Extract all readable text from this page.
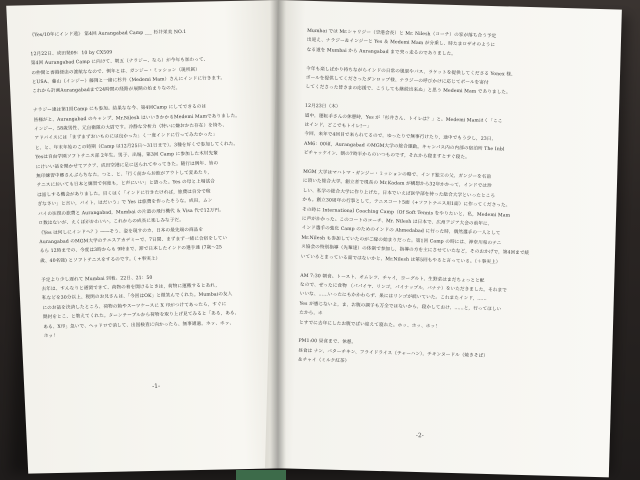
《Yes/10年にインド遠》 第4回 Aurangabad Camp ___ 杉井栄美 NO.1
12月22日、成田発09：10 by CX509
第4回 Aurangabad Camp に向けて、朝五（ナラジー、なら）が今年も加わって、
の仲間と香港経由の渡航ななので、例年とは、ガンジー・ミッション（現所属）
とUSA、藤山（インジー）藤岡と一緒に杉井（Medemi Mam）さんにインドに行きます。
これから計画Aurangabadまで24時間の経路が展開の始まりなのだ。
ナラジー達は第1回Camp にも参加。結果なな今、第4回Camp にしてできるのは
皆様がと、Aurangabad のキャンプ、Mr.Nilesh はいいきかかるMedemi Mamでありました。
インジー、58歳男性、元自衛隊の大尉です。冷静な分析力（特いに嫌おかた存在）を持ち、
アドバイスには「まずまずおいものには良かった」く一度インドに行ってみたかった」
と、と、年末年始のこの時期（Camp は12月25日～31日まで）。3種を好くで参加してくれた。
Yesは自由学園ソフトテニス部 2年生。男子、出場。第3回 Camp に参加した木村先輩
にけいい話を聞かせてアクア、成田空港に足に送られてやってきた。随行は例年、皆の
無印練習中郷さんぷらちなた，つと、と、「行く前からお飲がアウトして変あたり，
テニスにおいても日本と練習で何度も，と声にいい」と語った。Yes の母と上場試合
は話しする機会がありました。目くはく「インドに行きたければ，旅費は自分で稼
ぎなさい」と言い，バイト，はだいう」で Yes は旅費を作ったそうな。成田，ムン
バイの往復の旅費と Aurangabad，Mumbai の片道の飛行機代 ＆ Visa 代で12万円。
ロ数はないが、えくぼがかわいい。これからの成長に楽しみな子だ。
《Yes は何しにインドへ？》――そう、姿を現すのカ、日本の最先端の商品を
Aurangabad のMGM大学のテニスアカデミーで、7日間、まずまず一緒に合宿をしてい
るら 12時までの、今度は3時からも 9時まで、滞で日本したインドの選手達 (7歳～25
歳、40名強) とソフトテニスをするのです。（ +事実上）
予定より少し遅れて Mumbai 到着。22日、21：50
去年は、すんなりと通関できて、荷物の着を開けるときは，荷物に運搬するとあれ，
私などを30分以上、税関のお兄さんは、「今回はOK」と微笑んでくれた。Mumbaiの友人
にのお話を決済したところ、荷物の箱やスーツケースに X 印がつけてあったら，すぐに
開封をとこ、と教えてくれた。ターンテーブルから荷物を取り上げ見てみると「ある，ある，
ある、X印」急いで、ヘッドロで消して、出国検査に向かったら、無事通過。ホッ、ホッ、
ホッ！
-1-
Mumbai では Mr.シャリジー（空港会長）と Mr. Nilesh（コーチ）の家が落ち合う予定
出迎え、ナラジー＆インジーと Yes ＆ Medemi Mam が分乗し、時たまロザオのように
なる道を Mumbai から Aurangabad まで突っ走るのでありました。
今年も楽しばかり持ちながらインドの日常の風景やバス、ラケットを提供してくださる Yonex 様、
ボールを提供してくださったダンロップ様、ナラジーの呼びかけに応じてボールを寄付
してくださった皆さまの応援で、こうしても継続出来ぬ」と思う Medemi Mam でありました。
12月23日（木）
道中，運転手さんの休憩時，Yes が「杉井さん、トイレは？」と。Medemi Mamはく「ここ
はインド，どこでもトイレ!ー」
今回，来年で4回目で来られてるので，ゆったりで無事行けたり，途中でもう少し，23日，
AM6：00頃，Aurangabad のMGM大学の総合運動。キャンパス内の内部の宿泊所 The Inbl
ビチャッケイン、朝の7時半からのいつものです，それから寝ますとすぐ寝た。
MGM 大学はマハトマ・ガンジー・ミッションの略で、インド独立の父，ガンジーを名前
に頂いた総合大学。創立者で現長の Mr.Kadam が構想から32年かかって，インドでは珍
しい、私学の総合大学に作り上げた。日本でいえば医学部を持った総合大学といったところ
かも。創立30周年の行事として，テニスコート5面（+ソフトテニス用1面）に作ってくださった。
その時に International Coaching Camp（Of Soft Tennis をやりたいと，私，Medemi Mam
に声がかかった。このコートのコーチ、Mr. Nilesh は日本で、広州アジア大会の前年に、
インド選手の強化 Camp のためのインドの Ahmedabad に行った時，偶然選手の一人として
Mr.Nilesh も参加していたのがご縁の始まりだった。第1回 Camp の時には、神奈川県のテニ
ス協会の特別指導（先輩達）の体制で参加し，指導の方を主にさせていたなど，そのおかげで，第4回まで続
いているとまっている面ではないかと，Mr.Nilesh は第5回もやると言っている。（＋事実上）
AM 7:30 朝食。トースト、オムレツ、チャイ，ヨーグルト，生野菜はまだちょっとと配
なので、ぜったに食物 （パパイヤ、リンゴ，パイナップル，バナナ）をいただきました。それまで
いいな、……いったにもかかわらず、果にはリンゴが続いていた。これまたインド，……
Yes が感じないよ，ま，お腹の調子も万全ではないから，寝かしておけ，……と，行ってほしい
たから，ホ
とすでに去年にしたお腹でばい迎えて寝れた。ホッ、ホッ、ホッ！
PM1:00 昼食まで、休憩。
昼食は ナン、バターチキン、フライドライス（チャーハン），チキンヌードル（焼きそば）
＆チャイ（ミルク紅茶）
-2-
